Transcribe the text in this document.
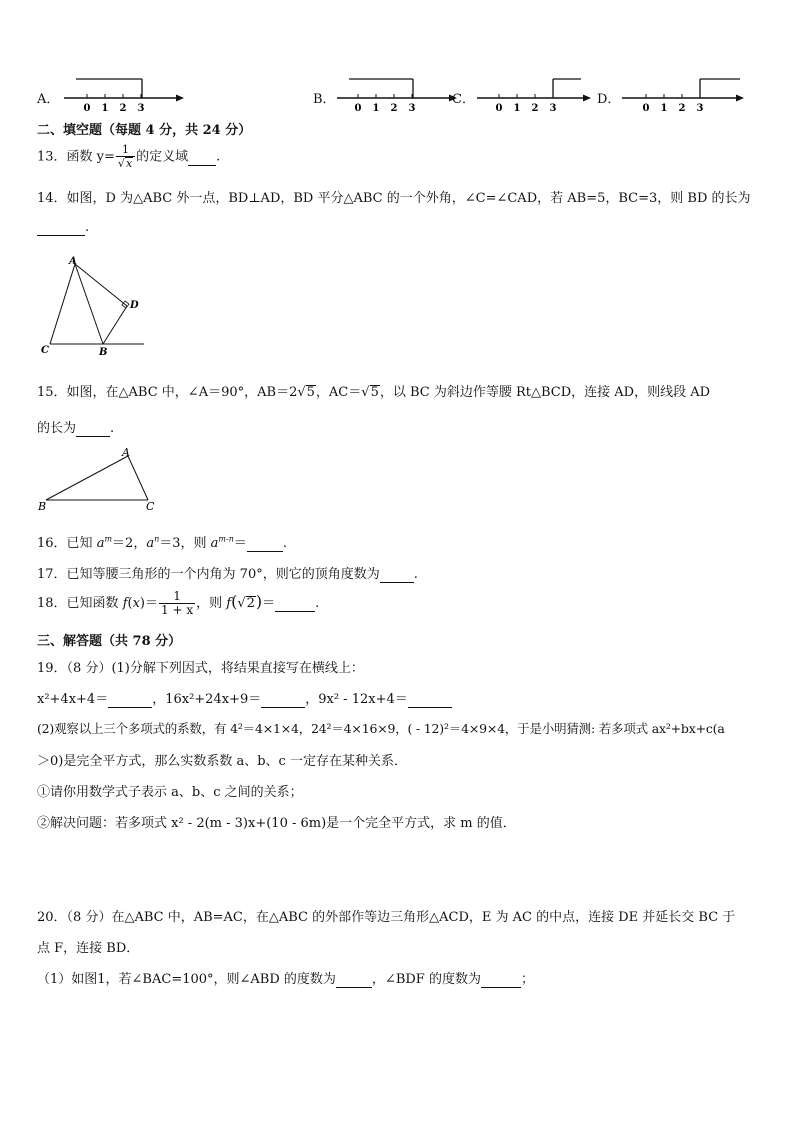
A．
0 1 2 3
B．
0 1 2 3
C．
0 1 2 3
D．
0 1 2 3
二、填空题（每题 4 分，共 24 分）
13．函数 $y= \frac{1}{√x}$ 的定义域 .
14．如图，D 为△ABC 外一点，BD⊥AD，BD 平分△ABC 的一个外角，∠C=∠CAD，若 AB=5，BC=3，则 BD 的长为
.
A
D
C	B
15．如图，在△ABC 中，∠A＝90°，AB＝2√5，AC＝√5，以 BC 为斜边作等腰 Rt△BCD，连接 AD，则线段 AD
的长为	.
A
B	C
16．已知 $a^m=2$，$a^n=3$，则 $a^{m-n}=$	.
17．已知等腰三角形的一个内角为 70°，则它的顶角度数为	.
18．已知函数 $f(x)= \frac{1}{1 + x}$ ，则 f(√2)＝	.
三、解答题（共 78 分）
19．（8 分）(1)分解下列因式，将结果直接写在横线上：
x²+4x+4＝	，16x²+24x+9＝	，9x² - 12x+4＝
(2)观察以上三个多项式的系数，有 4²＝4×1×4，24²＝4×16×9，( - 12)²＝4×9×4，于是小明猜测: 若多项式 ax²+bx+c(a
＞0)是完全平方式，那么实数系数 a、b、c 一定存在某种关系．
①请你用数学式子表示 a、b、c 之间的关系；
②解决问题：若多项式 x² - 2(m - 3)x+(10 - 6m)是一个完全平方式，求 m 的值．
20．（8 分）在△ABC 中，AB=AC，在△ABC 的外部作等边三角形△ACD，E 为 AC 的中点，连接 DE 并延长交 BC 于
点 F，连接 BD．
（1）如图1，若∠BAC=100°，则∠ABD 的度数为	，∠BDF 的度数为	；
